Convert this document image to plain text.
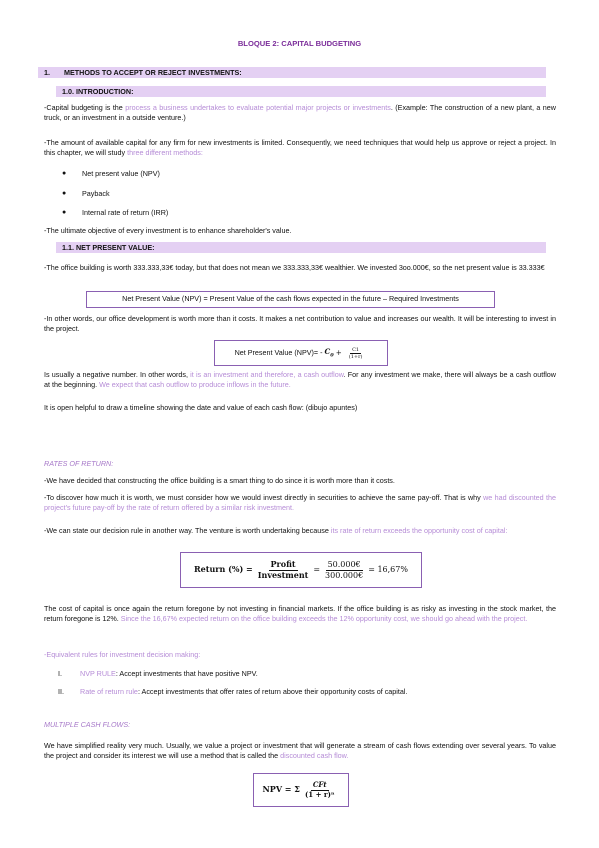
BLOQUE 2: CAPITAL BUDGETING
1. METHODS TO ACCEPT OR REJECT INVESTMENTS:
1.0. INTRODUCTION:

-Capital budgeting is the process a business undertakes to evaluate potential major projects or investments. (Example: The construction of a new plant, a new truck, or an investment in a outside venture.)

-The amount of available capital for any firm for new investments is limited. Consequently, we need techniques that would help us approve or reject a project. In this chapter, we will study three different methods:

● Net present value (NPV)
● Payback
● Internal rate of return (IRR)

-The ultimate objective of every investment is to enhance shareholder's value.

1.1. NET PRESENT VALUE:

-The office building is worth 333.333,33€ today, but that does not mean we 333.333,33€ wealthier. We invested 3oo.000€, so the net present value is 33.333€

Net Present Value (NPV) = Present Value of the cash flows expected in the future – Required Investments

-In other words, our office development is worth more than it costs. It makes a net contribution to value and increases our wealth. It will be interesting to invest in the project.

Net Present Value $(NPV)= - C_0 + \frac{C1}{(1+r)}$

Is usually a negative number. In other words, it is an investment and therefore, a cash outflow. For any investment we make, there will always be a cash outflow at the beginning. We expect that cash outflow to produce inflows in the future.

It is open helpful to draw a timeline showing the date and value of each cash flow: (dibujo apuntes)

RATES OF RETURN:

-We have decided that constructing the office building is a smart thing to do since it is worth more than it costs.

-To discover how much it is worth, we must consider how we would invest directly in securities to achieve the same pay-off. That is why we had discounted the project's future pay-off by the rate of return offered by a similar risk investment.

-We can state our decision rule in another way. The venture is worth undertaking because its rate of return exceeds the opportunity cost of capital:

Return (%) = $\frac{\text{Profit}}{\text{Investment}} = \frac{50.000€}{300.000€} = 16,67\%$

The cost of capital is once again the return foregone by not investing in financial markets. If the office building is as risky as investing in the stock market, the return foregone is 12%. Since the 16,67% expected return on the office building exceeds the 12% opportunity cost, we should go ahead with the project.

-Equivalent rules for investment decision making:

I.	NVP RULE: Accept investments that have positive NPV.
II. Rate of return rule: Accept investments that offer rates of return above their opportunity costs of capital.

MULTIPLE CASH FLOWS:

We have simplified reality very much. Usually, we value a project or investment that will generate a stream of cash flows extending over several years. To value the project and consider its interest we will use a method that is called the discounted cash flow.

NPV = Σ $\frac{\text{CFt}}{\text{(1 + r)ⁿ}}$
